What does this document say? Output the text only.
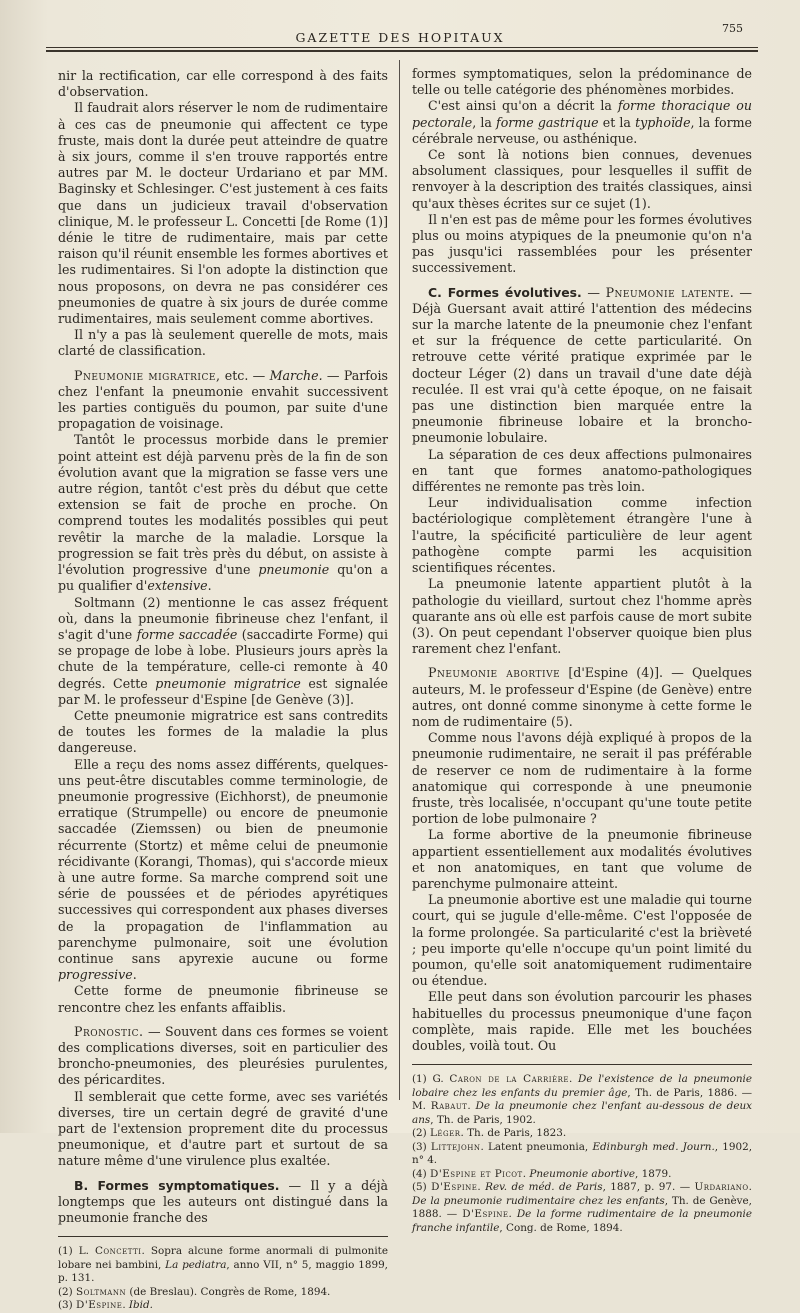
755
GAZETTE DES HOPITAUX

nir la rectification, car elle correspond à des faits d'observation.

Il faudrait alors réserver le nom de rudimentaire à ces cas de pneumonie qui affectent ce type fruste, mais dont la durée peut atteindre de quatre à six jours, comme il s'en trouve rapportés entre autres par M. le docteur Urdariano et par MM. Baginsky et Schlesinger. C'est justement à ces faits que dans un judicieux travail d'observation clinique, M. le professeur L. Concetti [de Rome (1)] dénie le titre de rudimentaire, mais par cette raison qu'il réunit ensemble les formes abortives et les rudimentaires. Si l'on adopte la distinction que nous proposons, on devra ne pas considérer ces pneumonies de quatre à six jours de durée comme rudimentaires, mais seulement comme abortives.

Il n'y a pas là seulement querelle de mots, mais clarté de classification.

Pneumonie migratrice, etc. — Marche. — Parfois chez l'enfant la pneumonie envahit successivent les parties contiguës du poumon, par suite d'une propagation de voisinage.

Tantôt le processus morbide dans le premier point atteint est déjà parvenu près de la fin de son évolution avant que la migration se fasse vers une autre région, tantôt c'est près du début que cette extension se fait de proche en proche. On comprend toutes les modalités possibles qui peut revêtir la marche de la maladie. Lorsque la progression se fait très près du début, on assiste à l'évolution progressive d'une pneumonie qu'on a pu qualifier d'extensive.

Soltmann (2) mentionne le cas assez fréquent où, dans la pneumonie fibrineuse chez l'enfant, il s'agit d'une forme saccadée (saccadirte Forme) qui se propage de lobe à lobe. Plusieurs jours après la chute de la température, celle-ci remonte à 40 degrés. Cette pneumonie migratrice est signalée par M. le professeur d'Espine [de Genève (3)].

Cette pneumonie migratrice est sans contredits de toutes les formes de la maladie la plus dangereuse.

Elle a reçu des noms assez différents, quelques-uns peut-être discutables comme terminologie, de pneumonie progressive (Eichhorst), de pneumonie erratique (Strumpelle) ou encore de pneumonie saccadée (Ziemssen) ou bien de pneumonie récurrente (Stortz) et même celui de pneumonie récidivante (Korangi, Thomas), qui s'accorde mieux à une autre forme. Sa marche comprend soit une série de poussées et de périodes apyrétiques successives qui correspondent aux phases diverses de la propagation de l'inflammation au parenchyme pulmonaire, soit une évolution continue sans apyrexie aucune ou forme progressive.

Cette forme de pneumonie fibrineuse se rencontre chez les enfants affaiblis.

Pronostic. — Souvent dans ces formes se voient des complications diverses, soit en particulier des broncho-pneumonies, des pleurésies purulentes, des péricardites.

Il semblerait que cette forme, avec ses variétés diverses, tire un certain degré de gravité d'une part de l'extension proprement dite du processus pneumonique, et d'autre part et surtout de sa nature même d'une virulence plus exaltée.

B. Formes symptomatiques. — Il y a déjà longtemps que les auteurs ont distingué dans la pneumonie franche des

(1) L. Concetti. Sopra alcune forme anormali di pulmonite lobare nei bambini, La pediatra, anno VII, n° 5, maggio 1899, p. 131.

(2) Soltmann (de Breslau). Congrès de Rome, 1894.

(3) D'Espine. Ibid.

formes symptomatiques, selon la prédominance de telle ou telle catégorie des phénomènes morbides.

C'est ainsi qu'on a décrit la forme thoracique ou pectorale, la forme gastrique et la typhoïde, la forme cérébrale nerveuse, ou asthénique.

Ce sont là notions bien connues, devenues absolument classiques, pour lesquelles il suffit de renvoyer à la description des traités classiques, ainsi qu'aux thèses écrites sur ce sujet (1).

Il n'en est pas de même pour les formes évolutives plus ou moins atypiques de la pneumonie qu'on n'a pas jusqu'ici rassemblées pour les présenter successivement.

C. Formes évolutives. — Pneumonie latente. — Déjà Guersant avait attiré l'attention des médecins sur la marche latente de la pneumonie chez l'enfant et sur la fréquence de cette particularité. On retrouve cette vérité pratique exprimée par le docteur Léger (2) dans un travail d'une date déjà reculée. Il est vrai qu'à cette époque, on ne faisait pas une distinction bien marquée entre la pneumonie fibrineuse lobaire et la broncho-pneumonie lobulaire.

La séparation de ces deux affections pulmonaires en tant que formes anatomo-pathologiques différentes ne remonte pas très loin.

Leur individualisation comme infection bactériologique complètement étrangère l'une à l'autre, la spécificité particulière de leur agent pathogène compte parmi les acquisition scientifiques récentes.

La pneumonie latente appartient plutôt à la pathologie du vieillard, surtout chez l'homme après quarante ans où elle est parfois cause de mort subite (3). On peut cependant l'observer quoique bien plus rarement chez l'enfant.

Pneumonie abortive [d'Espine (4)]. — Quelques auteurs, M. le professeur d'Espine (de Genève) entre autres, ont donné comme sinonyme à cette forme le nom de rudimentaire (5).

Comme nous l'avons déjà expliqué à propos de la pneumonie rudimentaire, ne serait il pas préférable de reserver ce nom de rudimentaire à la forme anatomique qui corresponde à une pneumonie fruste, très localisée, n'occupant qu'une toute petite portion de lobe pulmonaire ?

La forme abortive de la pneumonie fibrineuse appartient essentiellement aux modalités évolutives et non anatomiques, en tant que volume de parenchyme pulmonaire atteint.

La pneumonie abortive est une maladie qui tourne court, qui se jugule d'elle-même. C'est l'opposée de la forme prolongée. Sa particularité c'est la brièveté ; peu importe qu'elle n'occupe qu'un point limité du poumon, qu'elle soit anatomiquement rudimentaire ou étendue.

Elle peut dans son évolution parcourir les phases habituelles du processus pneumonique d'une façon complète, mais rapide. Elle met les bouchées doubles, voilà tout. Ou

(1) G. Caron de la Carrière. De l'existence de la pneumonie lobaire chez les enfants du premier âge, Th. de Paris, 1886. — M. Rabaut. De la pneumonie chez l'enfant au-dessous de deux ans, Th. de Paris, 1902.

(2) Léger. Th. de Paris, 1823.

(3) Littejohn. Latent pneumonia, Edinburgh med. Journ., 1902, n° 4.

(4) D'Espine et Picot. Pneumonie abortive, 1879.

(5) D'Espine. Rev. de méd. de Paris, 1887, p. 97. — Urdariano. De la pneumonie rudimentaire chez les enfants, Th. de Genève, 1888. — D'Espine. De la forme rudimentaire de la pneumonie franche infantile, Cong. de Rome, 1894.
